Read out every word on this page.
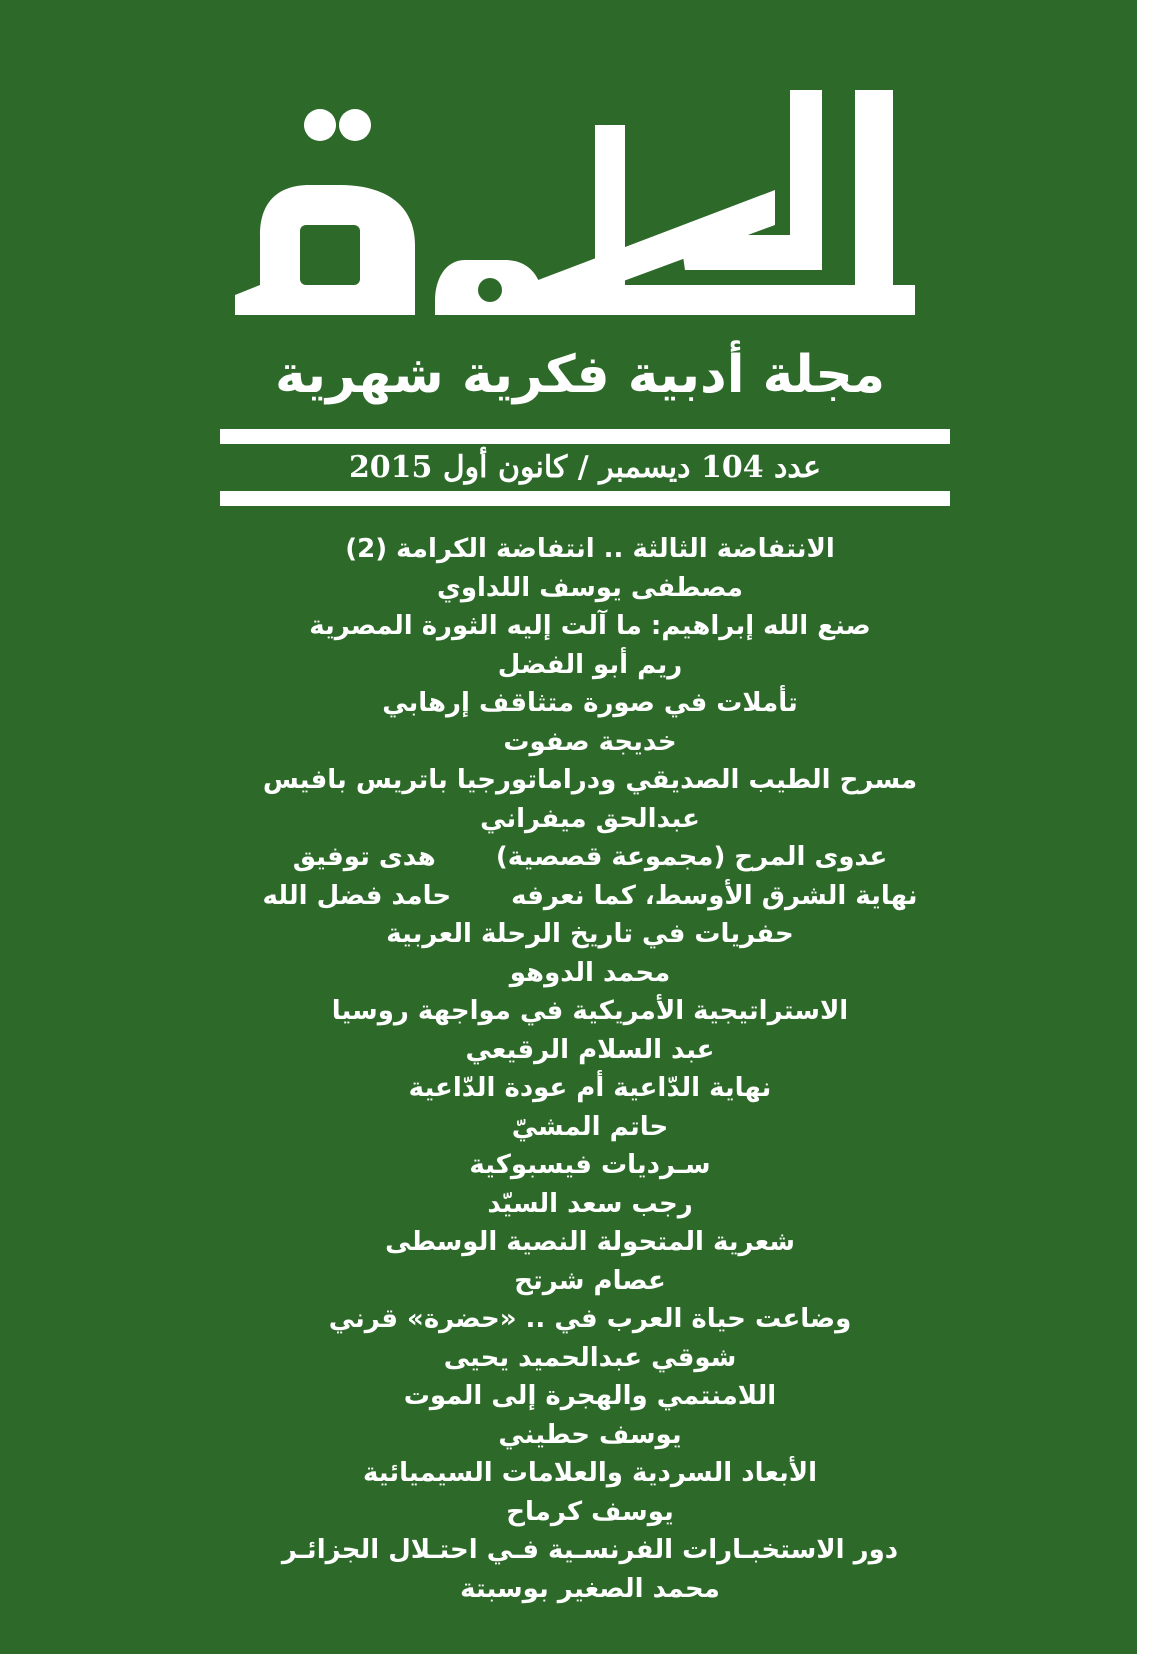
مجلة أدبية فكرية شهرية
عدد 104 ديسمبر / كانون أول 2015
الانتفاضة الثالثة .. انتفاضة الكرامة (2)
مصطفى يوسف اللداوي
صنع الله إبراهيم: ما آلت إليه الثورة المصرية
ريم أبو الفضل
تأملات في صورة متثاقف إرهابي
خديجة صفوت
مسرح الطيب الصديقي ودراماتورجيا باتريس بافيس
عبدالحق ميفراني
عدوى المرح (مجموعة قصصية)
هدى توفيق
نهاية الشرق الأوسط، كما نعرفه
حامد فضل الله
حفريات في تاريخ الرحلة العربية
محمد الدوهو
الاستراتيجية الأمريكية في مواجهة روسيا
عبد السلام الرقيعي
نهاية الدّاعية أم عودة الدّاعية
حاتم المشيّ
سـرديات فيسبوكية
رجب سعد السيّد
شعرية المتحولة النصية الوسطى
عصام شرتح
وضاعت حياة العرب في .. «حضرة» قرني
شوقي عبدالحميد يحيى
اللامنتمي والهجرة إلى الموت
يوسف حطيني
الأبعاد السردية والعلامات السيميائية
يوسف كرماح
دور الاستخبـارات الفرنسـية فـي احتـلال الجزائـر
محمد الصغير بوسبتة
